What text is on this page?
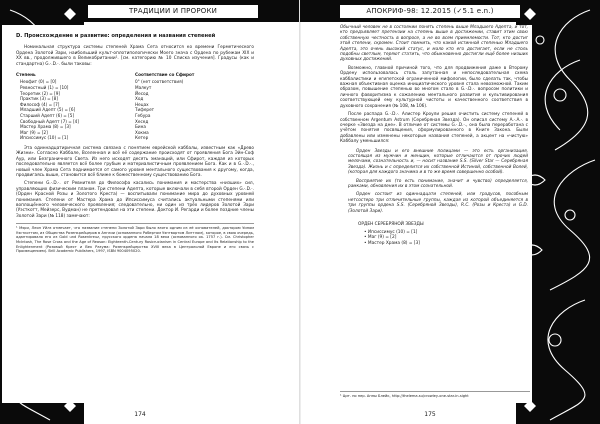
ТРАДИЦИИ И ПРОРОКИ
D. Происхождение и развитие: определения и названия степеней

Номинальная структура системы степеней Храма Сета относится ко времени Герметического Ордена Золотой Зари, наибольший культ-оплотипологически Моего знача с Ордена по рубежам ХIX и XX вв., продолжившего в Великобритании¹. [см. категорию № 10 Списка изучения]. Градусы (как и стандартна) G.·.D.·. были таковы:

Степень	Соответствие со Сфирот
Неофит (0) = [0]	0° (нет соответствия)
Ревностный (1) = [10]	Малкут
Теоретик (2) = [9]	Йесод
Практик (3) = [8]	Ход
Философ (4) = [7]	Нецах
Младший Адепт (5) = [6]	Тиферет
Старший Адепт (6) = [5]	Гебура
Свободный Адепт (7) = [4]	Хесед
Мастер Храма (8) = [3]	Бина
Маг (9) = [2]	Хокма
Ипсиссимус (10) = [1]	Кетер

Эта одиннадцатиричная система связана с понятием еврейской каббалы, известным как «Древо Жизни». Согласно Каббале, Вселенная и всё её содержание происходят от проявления Бога Эйн-Соф Аур, или Безграничного Света. Из него исходят десять эманаций, или Сфирот, каждая из которых последовательно является всё более грубым и материалистичным проявлением Бога. Как и в G.·.D.·., новый член Храма Сета поднимается от самого уровня ментального существования к другому, когда, продвигаясь выше, становится всё ближе к божественному существованию Бога.

Степени G.·.D.·. от Ревнителя до Философа касались понимания и мастерства «низших» сил, управляющих физическим планом. Три степени Адепта, которые включали в себя второй Орден G.·.D.·. (Орден Красной Розы и Золотого Креста) — воспитывали понимание мира до духовных уровней понимания. Степени от Мастера Храма до Ипсиссимуса считались актуальными степенями или воплощённого человеческого проявления; следовательно, ни один из трёх лидеров Золотой Зари (Уэсткотт, Мейзерс, Вудман) не претендовал на эти степени. Доктор И. Регарди и более поздние члены Золотой Зари (№ 118) замечают:

¹ Мэри, Леон Уйлз отмечает, что название степени Золотой Зари было взято одним из её основателей, доктором Уином Уэсткоттом, из Общества Розенкрейцеров в Англии (основанного Робертом Уэнтвортом Литтлом), которое, в свою очередь, адаптировало его из Gold und Rosenkreuz, прусского ордена начала 18 века (основанного ок. 1757 г.). См. Christopher McIntosh, The Rose Cross and the Age of Reason: Eighteenth-Century Rosicrucianism in Central Europe and Its Relationship to the Enlightenment (Розовый Крест и Век Разума: Розенкрейцерство XVIII века в Центральной Европе и его связь с Просвещением). Brill Academic Publishers, 1997, ISBN 9004095020.
174
АПОКРИФ-98: 12.2015 (✓5.1 e.n.)

Обычный человек не в состоянии понять степень выше Младшего Адепта, и тот, кто предъявляет претензии на степень выше в достижении, ставит этим свою собственную честность в вопросе, а не во всем приемлемости. Тот, кто достиг этой степени, скромен. Стоит помнить, что какой истинной степенью Младшего Адепта, это очень высокий статус, и мало кто его достигает, если не столь подобны светлым, теряют статить, что обыкновенно достигли ещё более низших духовных достижений.

Возможно, главной причиной того, что для продвижения даже в Второму Ордену использовалась столь запутанная и непоследовательная схема каббалистики и египетской ограниченной мифологии, было сделать так, чтобы важная объективная оценка инициатического уровня стала невозможной. Таким образом, повышение степенью во многом стало в G.·.D.·. вопросом политики и личного фаворитизма к сожалению ментального развития и культивирования соответствующей ему культурной чистоты и качественного соответствия в духовного сохранения (№ 108, № 106).

После распада G.·.D.·. Алистер Кроули решил очистить систему степеней в собственном Argentum Astrum (Серебряная Звезда). Он описал систему A.·.A.·. в очерке «Звезда на дне». В отличие от системы G.·.D.·., она была переработана с учётом понятия посвящения, сформулированного в Книге Закона. Были добавлены или изменены некоторые названия степеней, а акцент на «чистую» Каббалу уменьшился:

Орден Звезды и его внешние полицами — это есть организация, состоящая из мужчин и женщин, которые отличаются от прочих людей мелочами, сознательность и, — носит название S.S. (Silver Star — Серебряная Звезда). Жизнь и с определится их собственной Истиной, собственной Волей, (которая для каждого значима и в то же время совершенно особой).

Восприятие их (то есть понимание, значит и чувство) определяется, рамками, обновления их в этом сознательной.

Орден состоит из одиннадцати степеней, или градусов, пособным нетсостеро три отличительные группы, каждая из которой объединяется в три группы ордена S.S. (Серебряной Звезды), R.C. (Розы и Креста) и G.D. (Золотой Зари).

ОРДЕН СЕРЕБРЯНОЙ ЗВЕЗДЫ
• Ипсиссимус (10) = [1]
• Маг (9) = [2]
• Мастер Храма (8) = [3]
¹ Цит. по пер. Анны Блейк, http://thelema.su/crowley-one-star-in-sight
175
